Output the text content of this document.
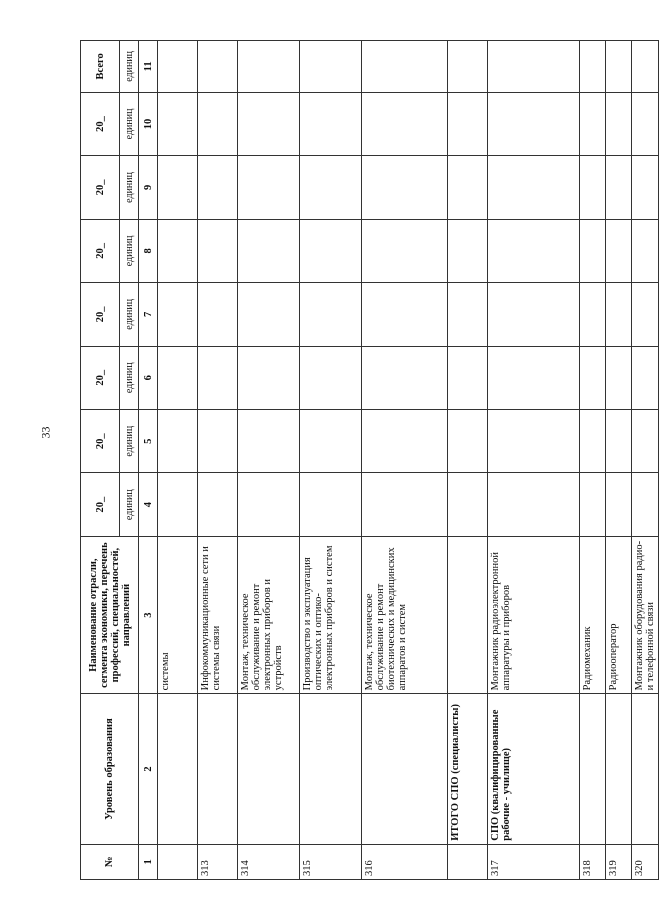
33
№	Уровень образования	Наименование отрасли, сегмента экономики, перечень профессий, специальностей, направлений	20_	20_	20_	20_	20_	20_	20_	Всего
			единиц	единиц	единиц	единиц	единиц	единиц	единиц	единиц
1	2	3	4	5	6	7	8	9	10	11
		системы								
313		Инфокоммуникационные сети и системы связи								
314		Монтаж, техническое обслуживание и ремонт электронных приборов и устройств								
315		Производство и эксплуатация оптических и оптико-электронных приборов и систем								
316		Монтаж, техническое обслуживание и ремонт биотехнических и медицинских аппаратов и систем								
	ИТОГО СПО (специалисты)									
317	СПО (квалифицированные рабочие - училище)	Монтажник радиоэлектронной аппаратуры и приборов								
318		Радиомеханик								
319		Радиооператор								
320		Монтажник оборудования радио- и телефонной связи								
